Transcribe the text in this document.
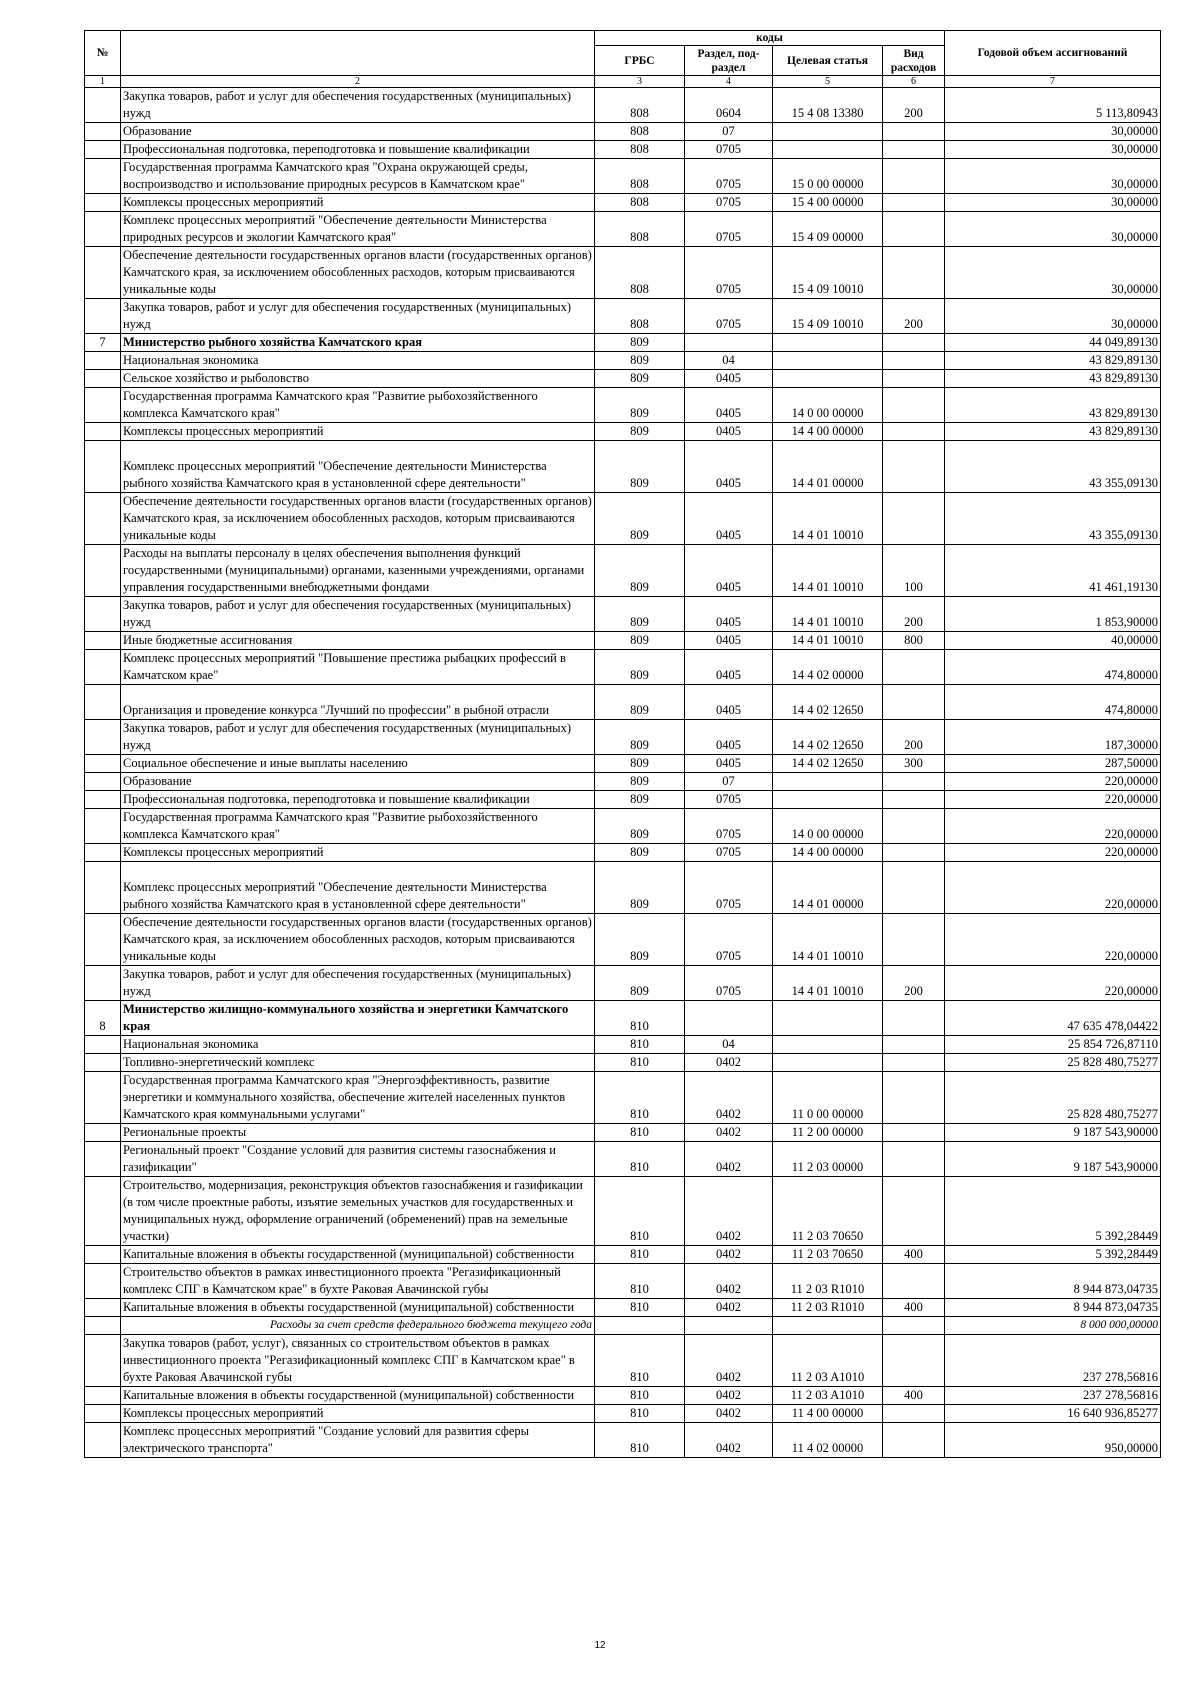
№		коды				Годовой объем ассигнований
		ГРБС	Раздел, под-раздел	Целевая статья	Вид расходов	
1	2	3	4	5	6	7
	Закупка товаров, работ и услуг для обеспечения государственных (муниципальных) нужд	808	0604	15 4 08 13380	200	5 113,80943
	Образование	808	07			30,00000
	Профессиональная подготовка, переподготовка и повышение квалификации	808	0705			30,00000
	Государственная программа Камчатского края "Охрана окружающей среды, воспроизводство и использование природных ресурсов в Камчатском крае"	808	0705	15 0 00 00000		30,00000
	Комплексы процессных мероприятий	808	0705	15 4 00 00000		30,00000
	Комплекс процессных мероприятий "Обеспечение деятельности Министерства природных ресурсов и экологии Камчатского края"	808	0705	15 4 09 00000		30,00000
	Обеспечение деятельности государственных органов власти (государственных органов) Камчатского края, за исключением обособленных расходов, которым присваиваются уникальные коды	808	0705	15 4 09 10010		30,00000
	Закупка товаров, работ и услуг для обеспечения государственных (муниципальных) нужд	808	0705	15 4 09 10010	200	30,00000
7	Министерство рыбного хозяйства Камчатского края	809				44 049,89130
	Национальная экономика	809	04			43 829,89130
	Сельское хозяйство и рыболовство	809	0405			43 829,89130
	Государственная программа Камчатского края "Развитие рыбохозяйственного комплекса Камчатского края"	809	0405	14 0 00 00000		43 829,89130
	Комплексы процессных мероприятий	809	0405	14 4 00 00000		43 829,89130
	Комплекс процессных мероприятий "Обеспечение деятельности Министерства рыбного хозяйства Камчатского края в установленной сфере деятельности"	809	0405	14 4 01 00000		43 355,09130
	Обеспечение деятельности государственных органов власти (государственных органов) Камчатского края, за исключением обособленных расходов, которым присваиваются уникальные коды	809	0405	14 4 01 10010		43 355,09130
	Расходы на выплаты персоналу в целях обеспечения выполнения функций государственными (муниципальными) органами, казенными учреждениями, органами управления государственными внебюджетными фондами	809	0405	14 4 01 10010	100	41 461,19130
	Закупка товаров, работ и услуг для обеспечения государственных (муниципальных) нужд	809	0405	14 4 01 10010	200	1 853,90000
	Иные бюджетные ассигнования	809	0405	14 4 01 10010	800	40,00000
	Комплекс процессных мероприятий "Повышение престижа рыбацких профессий в Камчатском крае"	809	0405	14 4 02 00000		474,80000
	Организация и проведение конкурса "Лучший по профессии" в рыбной отрасли	809	0405	14 4 02 12650		474,80000
	Закупка товаров, работ и услуг для обеспечения государственных (муниципальных) нужд	809	0405	14 4 02 12650	200	187,30000
	Социальное обеспечение и иные выплаты населению	809	0405	14 4 02 12650	300	287,50000
	Образование	809	07			220,00000
	Профессиональная подготовка, переподготовка и повышение квалификации	809	0705			220,00000
	Государственная программа Камчатского края "Развитие рыбохозяйственного комплекса Камчатского края"	809	0705	14 0 00 00000		220,00000
	Комплексы процессных мероприятий	809	0705	14 4 00 00000		220,00000
	Комплекс процессных мероприятий "Обеспечение деятельности Министерства рыбного хозяйства Камчатского края в установленной сфере деятельности"	809	0705	14 4 01 00000		220,00000
	Обеспечение деятельности государственных органов власти (государственных органов) Камчатского края, за исключением обособленных расходов, которым присваиваются уникальные коды	809	0705	14 4 01 10010		220,00000
	Закупка товаров, работ и услуг для обеспечения государственных (муниципальных) нужд	809	0705	14 4 01 10010	200	220,00000
8	Министерство жилищно-коммунального хозяйства и энергетики Камчатского края	810				47 635 478,04422
	Национальная экономика	810	04			25 854 726,87110
	Топливно-энергетический комплекс	810	0402			25 828 480,75277
	Государственная программа Камчатского края "Энергоэффективность, развитие энергетики и коммунального хозяйства, обеспечение жителей населенных пунктов Камчатского края коммунальными услугами"	810	0402	11 0 00 00000		25 828 480,75277
	Региональные проекты	810	0402	11 2 00 00000		9 187 543,90000
	Региональный проект "Создание условий для развития системы газоснабжения и газификации"	810	0402	11 2 03 00000		9 187 543,90000
	Строительство, модернизация, реконструкция объектов газоснабжения и газификации (в том числе проектные работы, изъятие земельных участков для государственных и муниципальных нужд, оформление ограничений (обременений) прав на земельные участки)	810	0402	11 2 03 70650		5 392,28449
	Капитальные вложения в объекты государственной (муниципальной) собственности	810	0402	11 2 03 70650	400	5 392,28449
	Строительство объектов в рамках инвестиционного проекта "Регазификационный комплекс СПГ в Камчатском крае" в бухте Раковая Авачинской губы	810	0402	11 2 03 R1010		8 944 873,04735
	Капитальные вложения в объекты государственной (муниципальной) собственности	810	0402	11 2 03 R1010	400	8 944 873,04735
	Расходы за счет средств федерального бюджета текущего года					8 000 000,00000
	Закупка товаров (работ, услуг), связанных со строительством объектов в рамках инвестиционного проекта "Регазификационный комплекс СПГ в Камчатском крае" в бухте Раковая Авачинской губы	810	0402	11 2 03 A1010		237 278,56816
	Капитальные вложения в объекты государственной (муниципальной) собственности	810	0402	11 2 03 A1010	400	237 278,56816
	Комплексы процессных мероприятий	810	0402	11 4 00 00000		16 640 936,85277
	Комплекс процессных мероприятий "Создание условий для развития сферы электрического транспорта"	810	0402	11 4 02 00000		950,00000
12
